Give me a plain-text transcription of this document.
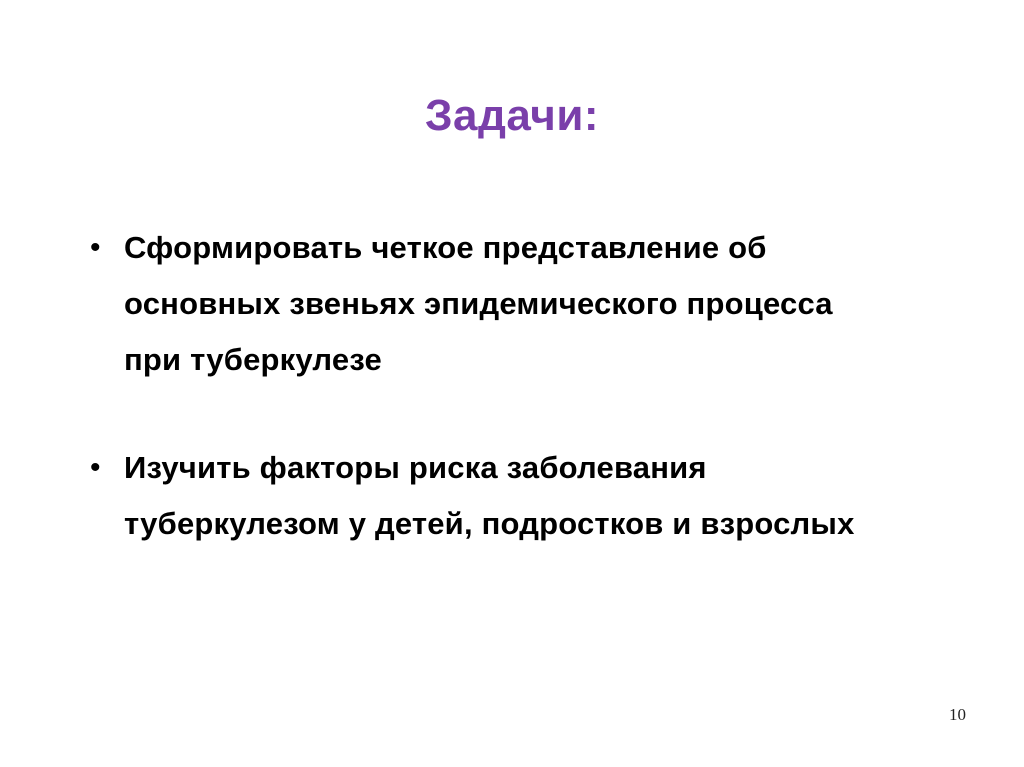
Задачи:
• Сформировать четкое представление об основных звеньях эпидемического процесса при туберкулезе
• Изучить факторы риска заболевания туберкулезом у детей, подростков и взрослых
10
